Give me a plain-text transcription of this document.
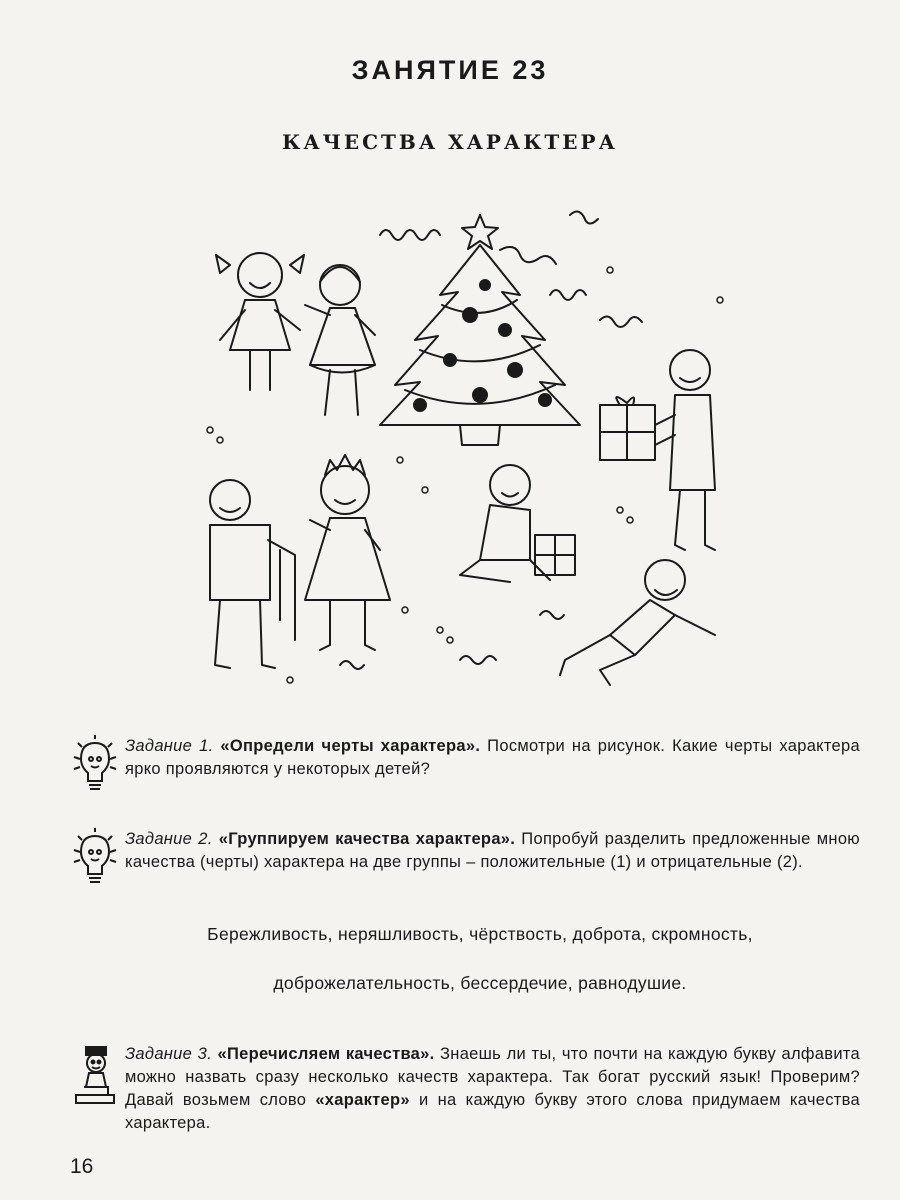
ЗАНЯТИЕ 23
КАЧЕСТВА ХАРАКТЕРА
Задание 1. «Определи черты характера». Посмотри на рисунок. Какие черты характера ярко проявляются у некоторых детей?
Задание 2. «Группируем качества характера». Попробуй разделить предложенные мною качества (черты) характера на две группы – положительные (1) и отрицательные (2).
Бережливость, неряшливость, чёрствость, доброта, скромность,
доброжелательность, бессердечие, равнодушие.
Задание 3. «Перечисляем качества». Знаешь ли ты, что почти на каждую букву алфавита можно назвать сразу несколько качеств характера. Так богат русский язык! Проверим? Давай возьмем слово «характер» и на каждую букву этого слова придумаем качества характера.
16
